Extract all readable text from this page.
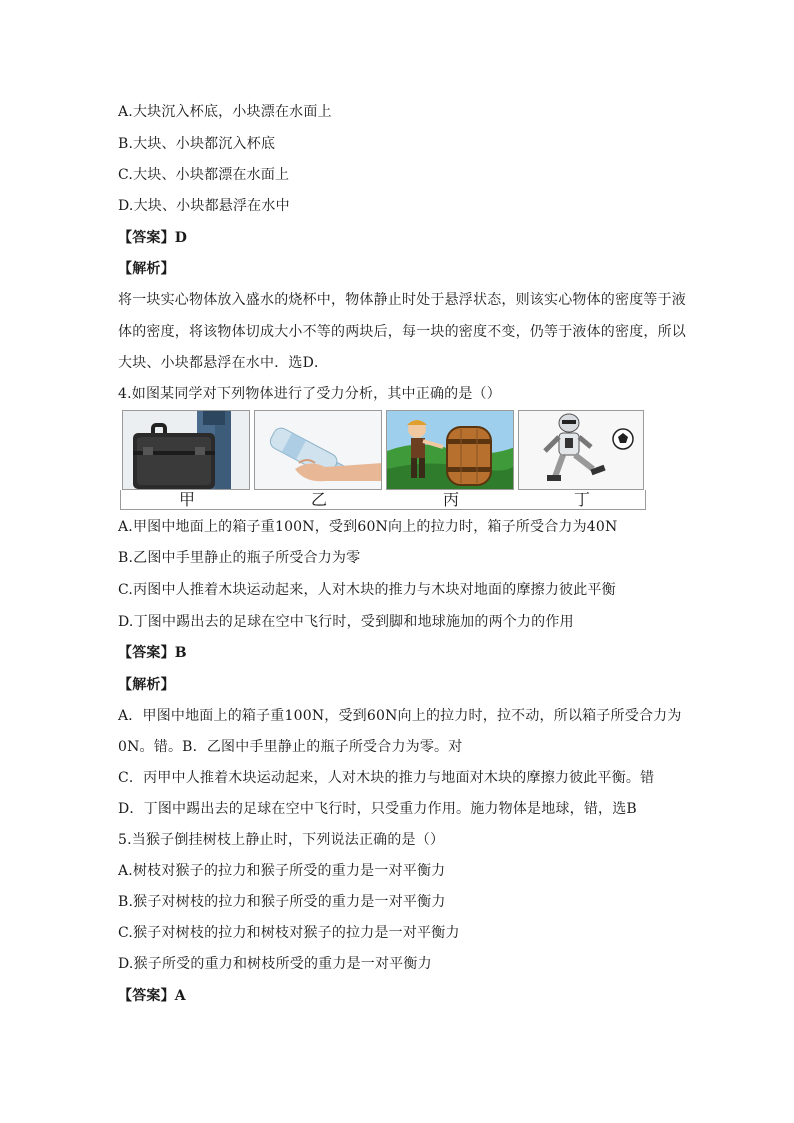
A.大块沉入杯底，小块漂在水面上
B.大块、小块都沉入杯底
C.大块、小块都漂在水面上
D.大块、小块都悬浮在水中
【答案】D
【解析】
将一块实心物体放入盛水的烧杯中，物体静止时处于悬浮状态，则该实心物体的密度等于液
体的密度，将该物体切成大小不等的两块后，每一块的密度不变，仍等于液体的密度，所以
大块、小块都悬浮在水中．选D．
4.如图某同学对下列物体进行了受力分析，其中正确的是（）
甲	乙	丙	丁
A.甲图中地面上的箱子重100N，受到60N向上的拉力时，箱子所受合力为40N
B.乙图中手里静止的瓶子所受合力为零
C.丙图中人推着木块运动起来，人对木块的推力与木块对地面的摩擦力彼此平衡
D.丁图中踢出去的足球在空中飞行时，受到脚和地球施加的两个力的作用
【答案】B
【解析】
A．甲图中地面上的箱子重100N，受到60N向上的拉力时，拉不动，所以箱子所受合力为
0N。错。B．乙图中手里静止的瓶子所受合力为零。对
C．丙甲中人推着木块运动起来，人对木块的推力与地面对木块的摩擦力彼此平衡。错
D．丁图中踢出去的足球在空中飞行时，只受重力作用。施力物体是地球，错，选B
5.当猴子倒挂树枝上静止时，下列说法正确的是（）
A.树枝对猴子的拉力和猴子所受的重力是一对平衡力
B.猴子对树枝的拉力和猴子所受的重力是一对平衡力
C.猴子对树枝的拉力和树枝对猴子的拉力是一对平衡力
D.猴子所受的重力和树枝所受的重力是一对平衡力
【答案】A
